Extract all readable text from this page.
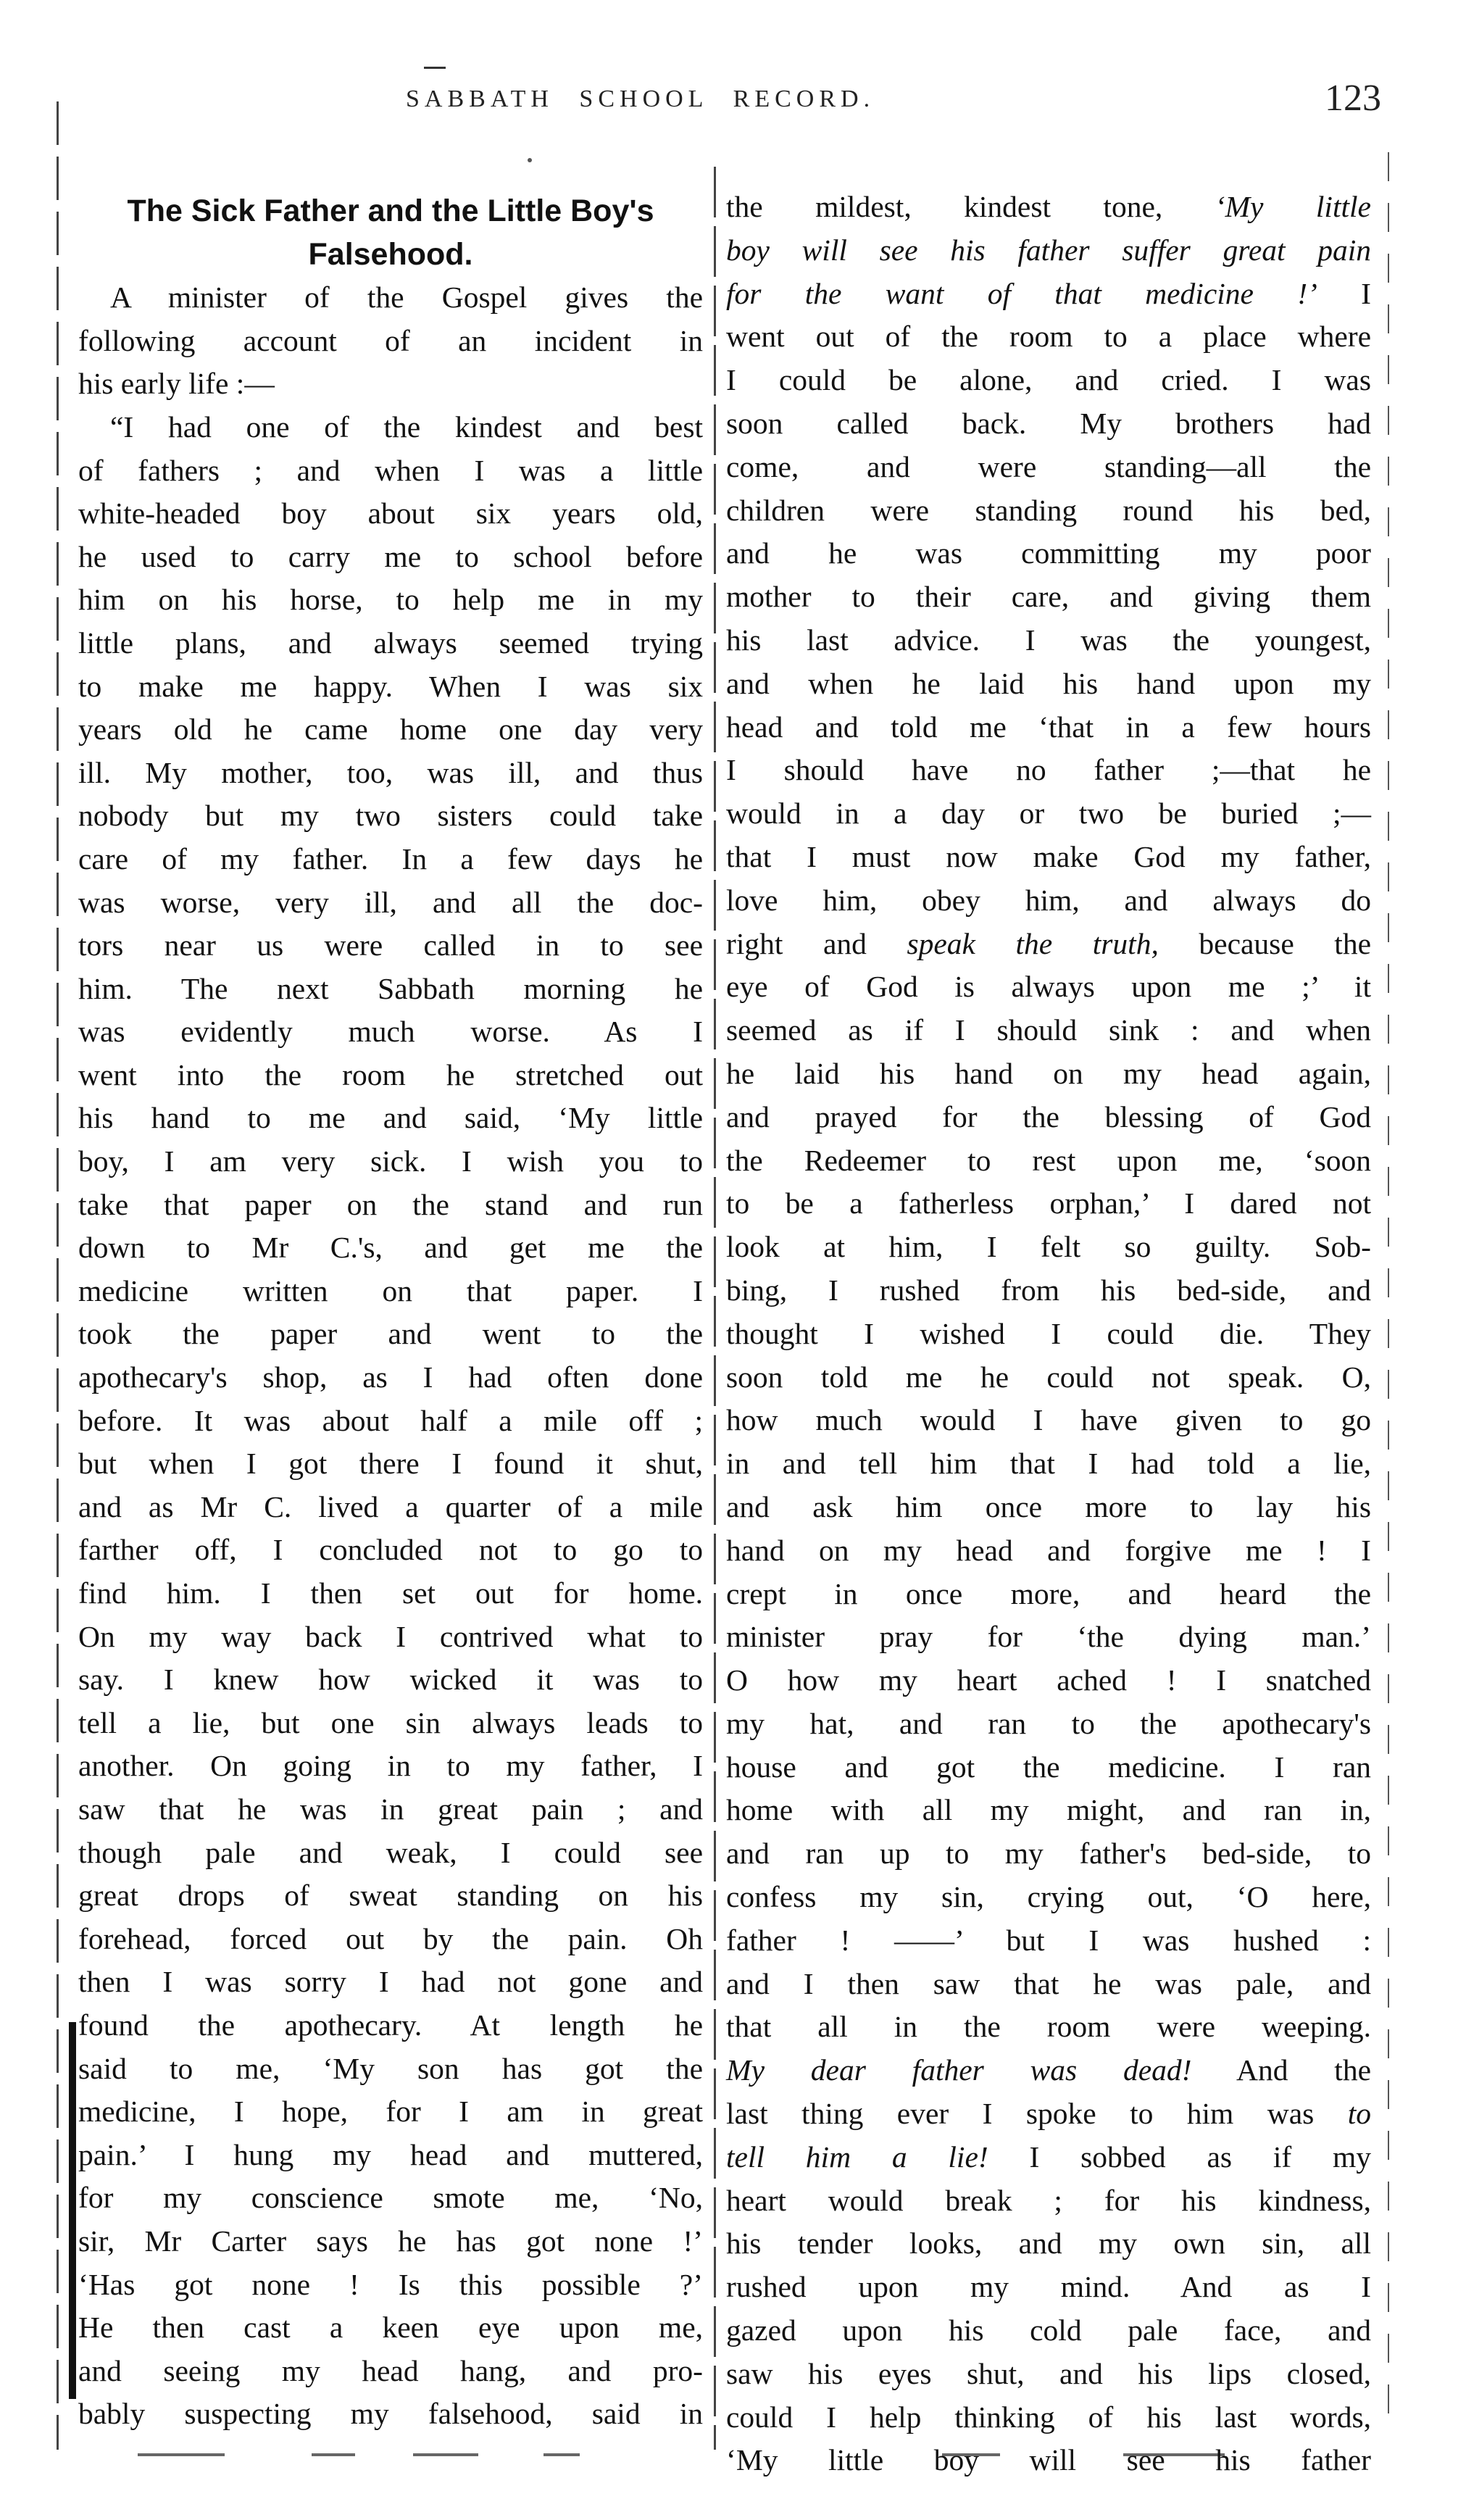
SABBATH SCHOOL RECORD.	123
The Sick Father and the Little Boy's
Falsehood.
A minister of the Gospel gives the
following account of an incident in
his early life :—
“I had one of the kindest and best
of fathers ; and when I was a little
white-headed boy about six years old,
he used to carry me to school before
him on his horse, to help me in my
little plans, and always seemed trying
to make me happy. When I was six
years old he came home one day very
ill. My mother, too, was ill, and thus
nobody but my two sisters could take
care of my father. In a few days he
was worse, very ill, and all the doc-
tors near us were called in to see
him. The next Sabbath morning he
was evidently much worse. As I
went into the room he stretched out
his hand to me and said, ‘My little
boy, I am very sick. I wish you to
take that paper on the stand and run
down to Mr C.'s, and get me the
medicine written on that paper. I
took the paper and went to the
apothecary's shop, as I had often done
before. It was about half a mile off ;
but when I got there I found it shut,
and as Mr C. lived a quarter of a mile
farther off, I concluded not to go to
find him. I then set out for home.
On my way back I contrived what to
say. I knew how wicked it was to
tell a lie, but one sin always leads to
another. On going in to my father, I
saw that he was in great pain ; and
though pale and weak, I could see
great drops of sweat standing on his
forehead, forced out by the pain. Oh
then I was sorry I had not gone and
found the apothecary. At length he
said to me, ‘My son has got the
medicine, I hope, for I am in great
pain.’ I hung my head and muttered,
for my conscience smote me, ‘No,
sir, Mr Carter says he has got none !’
‘Has got none ! Is this possible ?’
He then cast a keen eye upon me,
and seeing my head hang, and pro-
bably suspecting my falsehood, said in
the mildest, kindest tone, ‘My little
boy will see his father suffer great pain
for the want of that medicine !’ I
went out of the room to a place where
I could be alone, and cried. I was
soon called back. My brothers had
come, and were standing—all the
children were standing round his bed,
and he was committing my poor
mother to their care, and giving them
his last advice. I was the youngest,
and when he laid his hand upon my
head and told me ‘that in a few hours
I should have no father ;—that he
would in a day or two be buried ;—
that I must now make God my father,
love him, obey him, and always do
right and speak the truth, because the
eye of God is always upon me ;’ it
seemed as if I should sink : and when
he laid his hand on my head again,
and prayed for the blessing of God
the Redeemer to rest upon me, ‘soon
to be a fatherless orphan,’ I dared not
look at him, I felt so guilty. Sob-
bing, I rushed from his bed-side, and
thought I wished I could die. They
soon told me he could not speak. O,
how much would I have given to go
in and tell him that I had told a lie,
and ask him once more to lay his
hand on my head and forgive me ! I
crept in once more, and heard the
minister pray for ‘the dying man.’
O how my heart ached ! I snatched
my hat, and ran to the apothecary's
house and got the medicine. I ran
home with all my might, and ran in,
and ran up to my father's bed-side, to
confess my sin, crying out, ‘O here,
father ! ——’ but I was hushed :
and I then saw that he was pale, and
that all in the room were weeping.
My dear father was dead! And the
last thing ever I spoke to him was to
tell him a lie! I sobbed as if my
heart would break ; for his kindness,
his tender looks, and my own sin, all
rushed upon my mind. And as I
gazed upon his cold pale face, and
saw his eyes shut, and his lips closed,
could I help thinking of his last words,
‘My little boy will see his father
